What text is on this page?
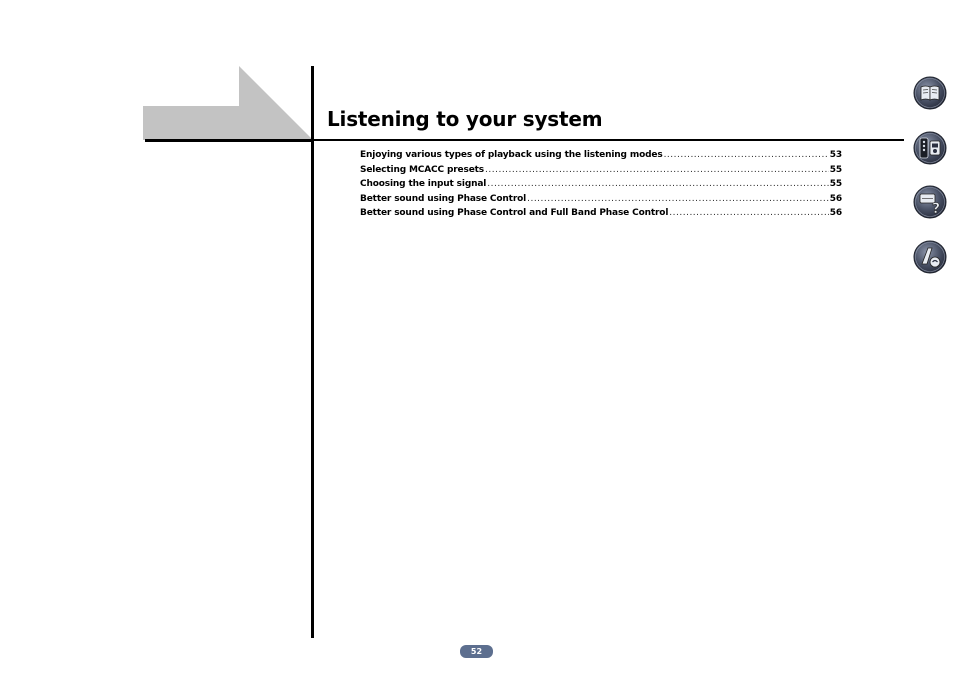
Listening to your system
Enjoying various types of playback using the listening modes .....	53
Selecting MCACC presets .....	55
Choosing the input signal .....	55
Better sound using Phase Control .....	56
Better sound using Phase Control and Full Band Phase Control .....	56	?
52
